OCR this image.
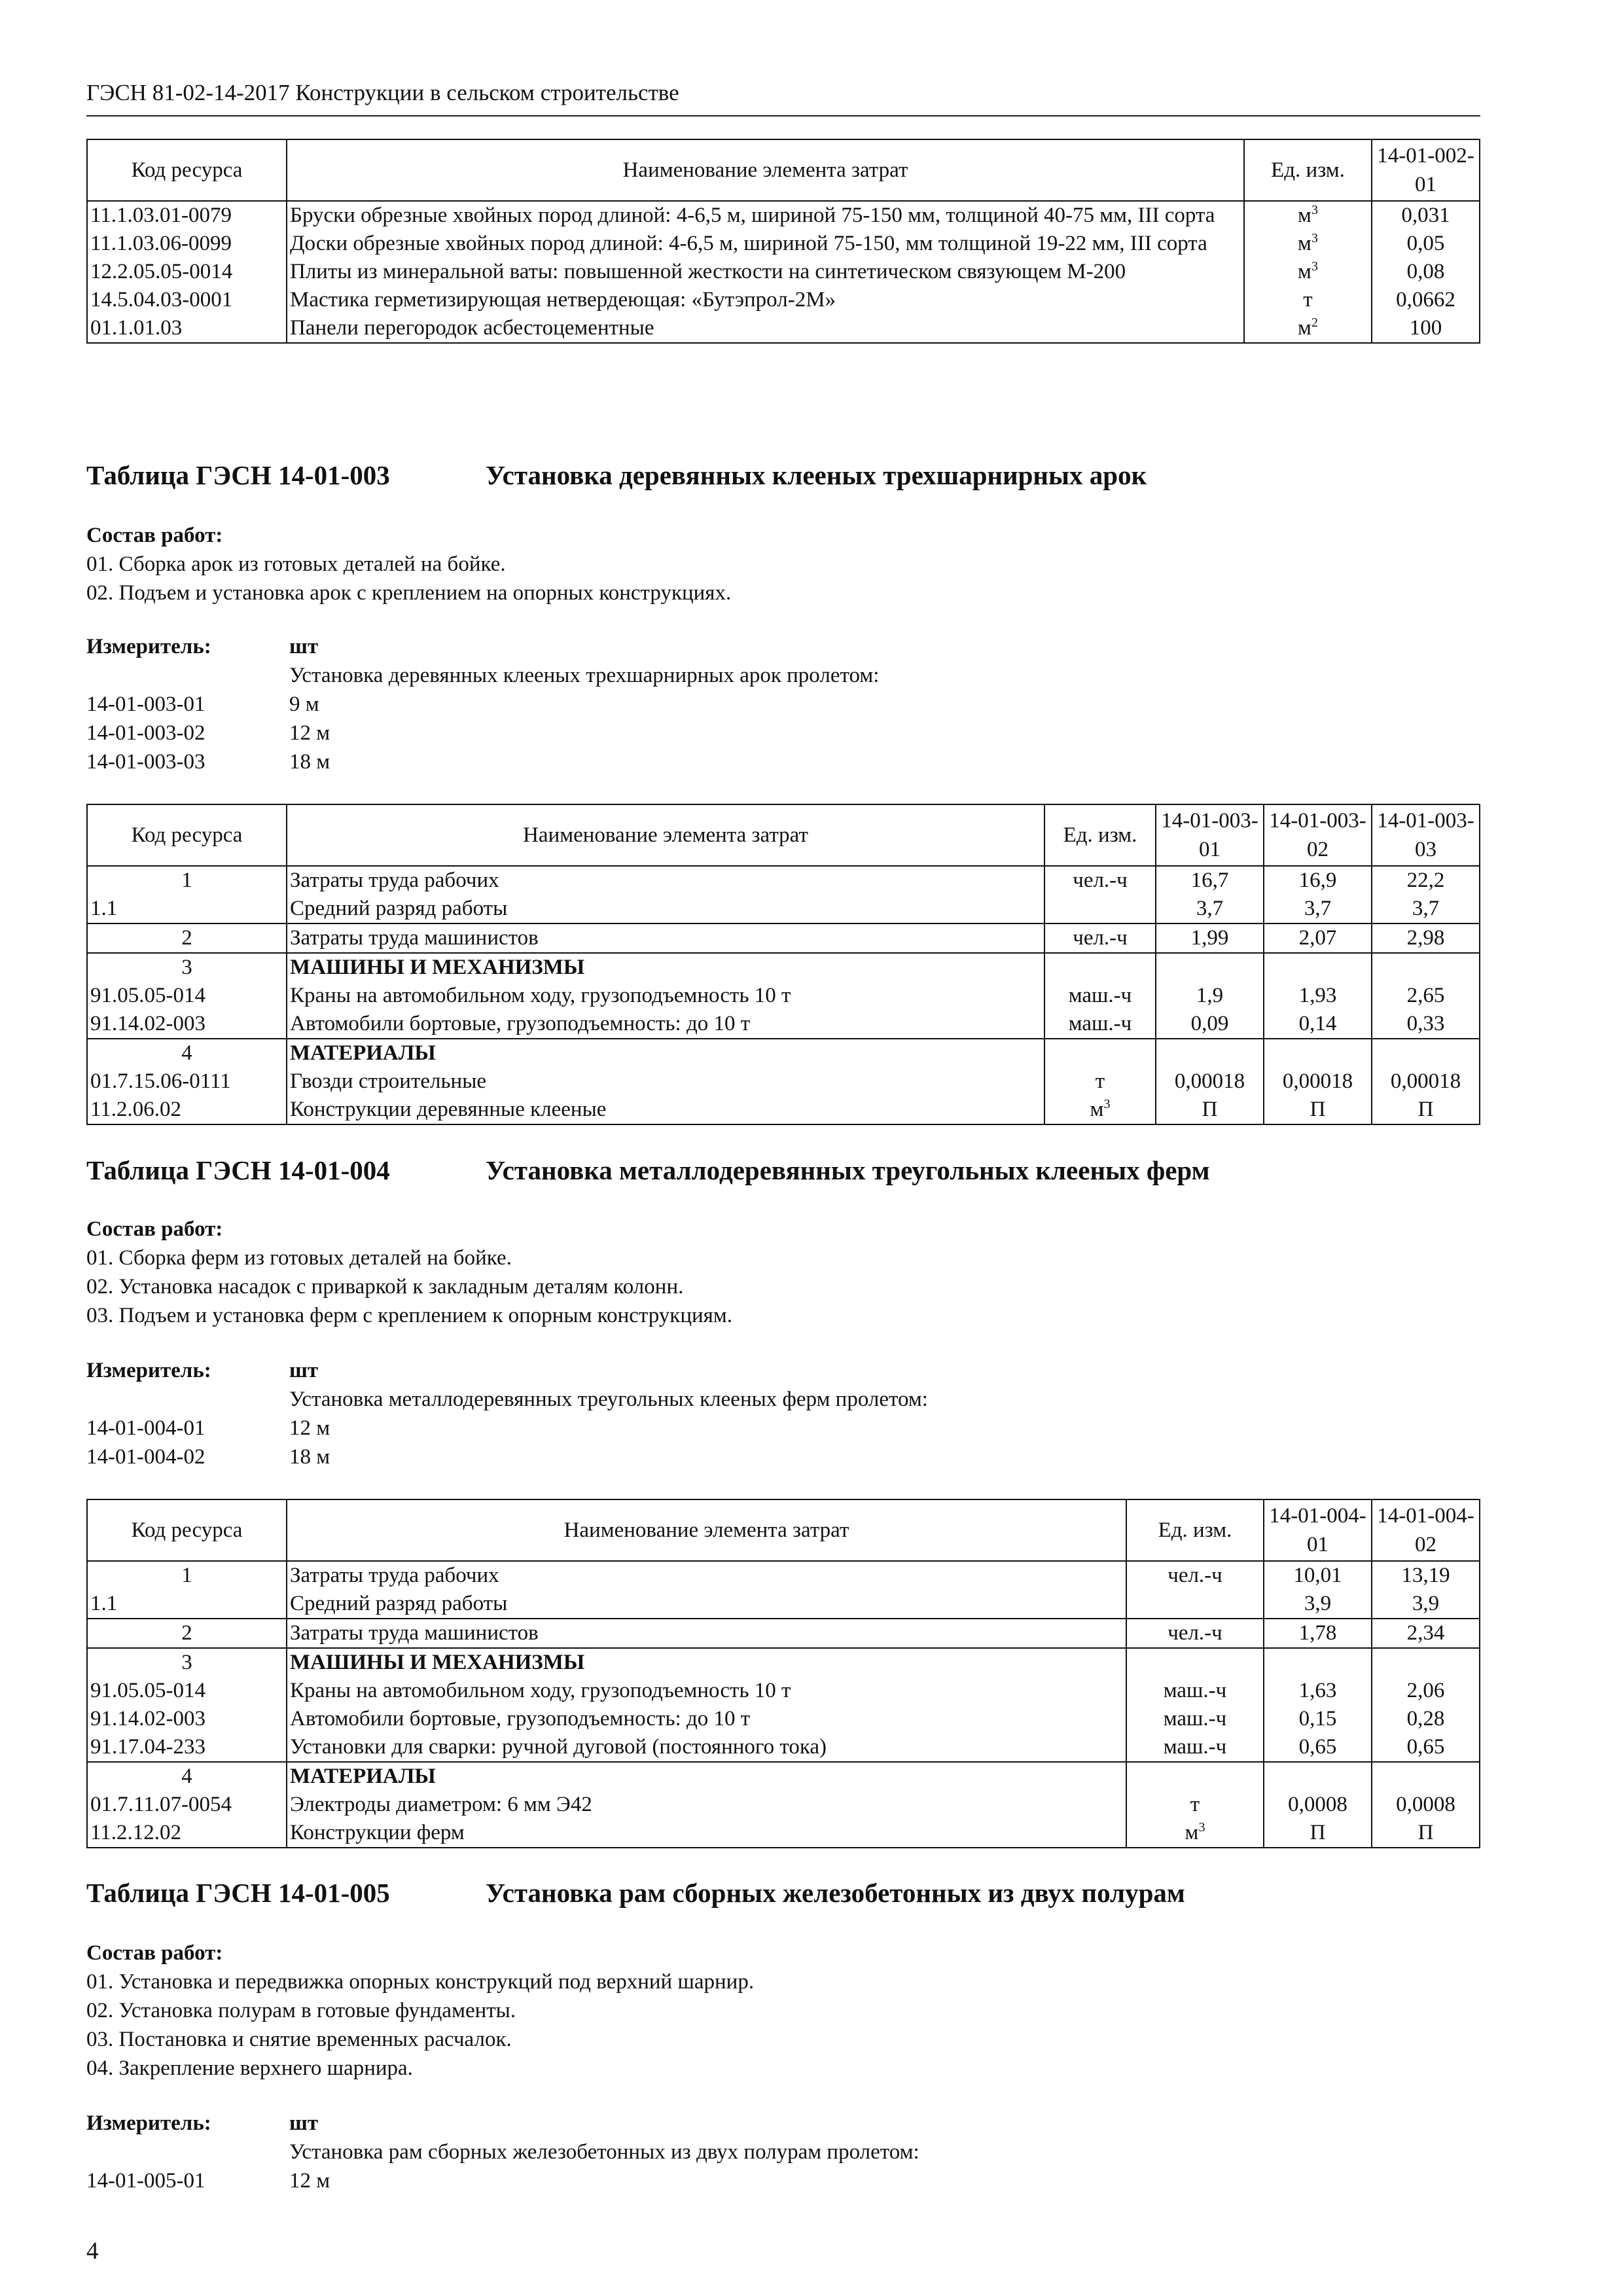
ГЭСН 81-02-14-2017 Конструкции в сельском строительстве
Код ресурса	Наименование элемента затрат	Ед. изм.	14-01-002-01
11.1.03.01-0079	Бруски обрезные хвойных пород длиной: 4-6,5 м, шириной 75-150 мм, толщиной 40-75 мм, III сорта	$м^3$	0,031
11.1.03.06-0099	Доски обрезные хвойных пород длиной: 4-6,5 м, шириной 75-150, мм толщиной 19-22 мм, III сорта	$м^3$	0,05
12.2.05.05-0014	Плиты из минеральной ваты: повышенной жесткости на синтетическом связующем М-200	$м^3$	0,08
14.5.04.03-0001	Мастика герметизирующая нетвердеющая: «Бутэпрол-2М»	т	0,0662
01.1.01.03	Панели перегородок асбестоцементные	$м^2$	100
Таблица ГЭСН 14-01-003	Установка деревянных клееных трехшарнирных арок
Состав работ:
01. Сборка арок из готовых деталей на бойке.
02. Подъем и установка арок с креплением на опорных конструкциях.
Измеритель:	шт
Установка деревянных клееных трехшарнирных арок пролетом:
14-01-003-01	9 м
14-01-003-02	12 м
14-01-003-03	18 м
Код ресурса	Наименование элемента затрат	Ед. изм.	14-01-003-01	14-01-003-02	14-01-003-03
1	Затраты труда рабочих	чел.-ч	16,7	16,9	22,2
1.1	Средний разряд работы		3,7	3,7	3,7
2	Затраты труда машинистов	чел.-ч	1,99	2,07	2,98
3	МАШИНЫ И МЕХАНИЗМЫ				
91.05.05-014	Краны на автомобильном ходу, грузоподъемность 10 т	маш.-ч	1,9	1,93	2,65
91.14.02-003	Автомобили бортовые, грузоподъемность: до 10 т	маш.-ч	0,09	0,14	0,33
4	МАТЕРИАЛЫ				
01.7.15.06-0111	Гвозди строительные	т	0,00018	0,00018	0,00018
11.2.06.02	Конструкции деревянные клееные	$м^3$	П	П	П
Таблица ГЭСН 14-01-004	Установка металлодеревянных треугольных клееных ферм
Состав работ:
01. Сборка ферм из готовых деталей на бойке.
02. Установка насадок с приваркой к закладным деталям колонн.
03. Подъем и установка ферм с креплением к опорным конструкциям.
Измеритель:	шт
Установка металлодеревянных треугольных клееных ферм пролетом:
14-01-004-01	12 м
14-01-004-02	18 м
Код ресурса	Наименование элемента затрат	Ед. изм.	14-01-004-01	14-01-004-02
1	Затраты труда рабочих	чел.-ч	10,01	13,19
1.1	Средний разряд работы		3,9	3,9
2	Затраты труда машинистов	чел.-ч	1,78	2,34
3	МАШИНЫ И МЕХАНИЗМЫ			
91.05.05-014	Краны на автомобильном ходу, грузоподъемность 10 т	маш.-ч	1,63	2,06
91.14.02-003	Автомобили бортовые, грузоподъемность: до 10 т	маш.-ч	0,15	0,28
91.17.04-233	Установки для сварки: ручной дуговой (постоянного тока)	маш.-ч	0,65	0,65
4	МАТЕРИАЛЫ			
01.7.11.07-0054	Электроды диаметром: 6 мм Э42	т	0,0008	0,0008
11.2.12.02	Конструкции ферм	$м^3$	П	П
Таблица ГЭСН 14-01-005	Установка рам сборных железобетонных из двух полурам
Состав работ:
01. Установка и передвижка опорных конструкций под верхний шарнир.
02. Установка полурам в готовые фундаменты.
03. Постановка и снятие временных расчалок.
04. Закрепление верхнего шарнира.
Измеритель:	шт
Установка рам сборных железобетонных из двух полурам пролетом:
14-01-005-01	12 м
4
